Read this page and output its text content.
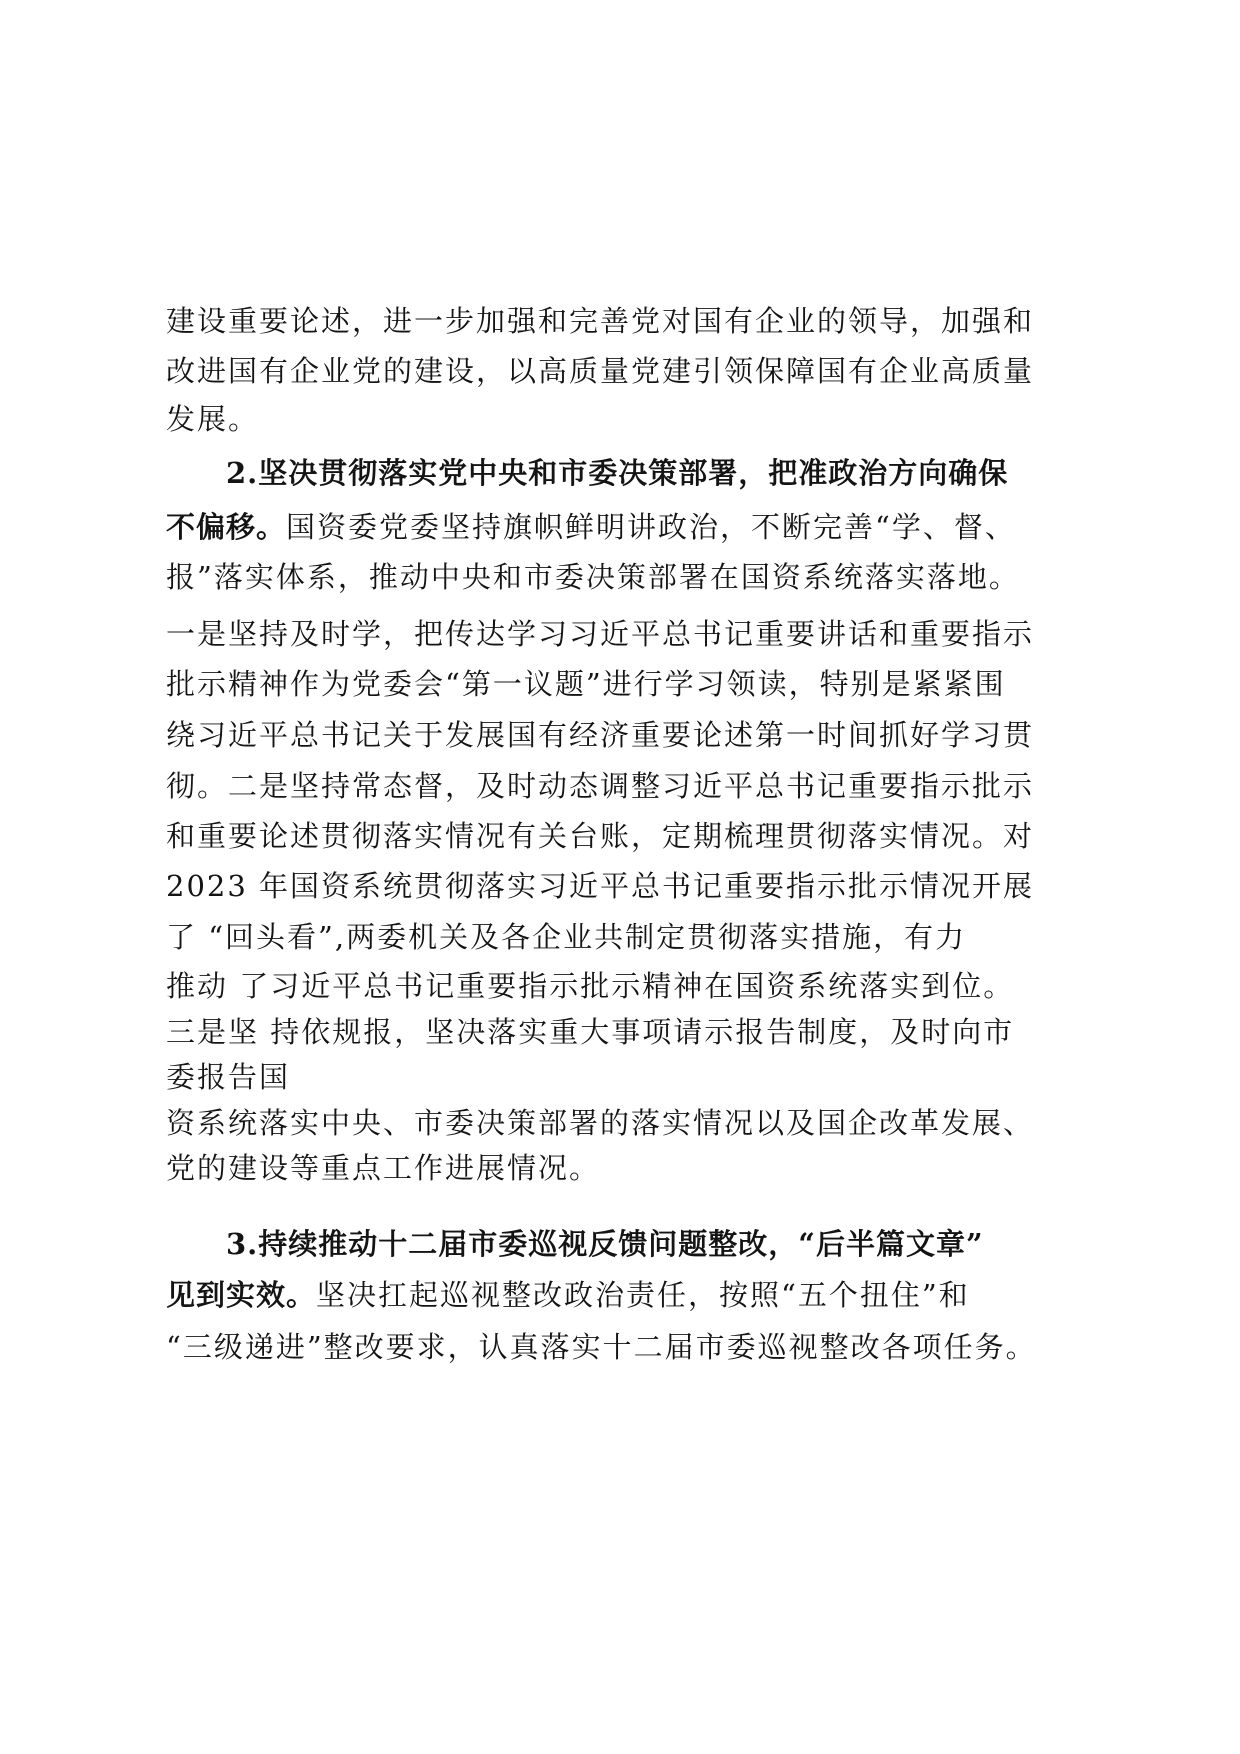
建设重要论述，进一步加强和完善党对国有企业的领导，加强和
改进国有企业党的建设，以高质量党建引领保障国有企业高质量
发展。
2.坚决贯彻落实党中央和市委决策部署，把准政治方向确保
不偏移。国资委党委坚持旗帜鲜明讲政治，不断完善“学、督、
报”落实体系，推动中央和市委决策部署在国资系统落实落地。
一是坚持及时学，把传达学习习近平总书记重要讲话和重要指示
批示精神作为党委会“第一议题”进行学习领读，特别是紧紧围
绕习近平总书记关于发展国有经济重要论述第一时间抓好学习贯
彻。二是坚持常态督，及时动态调整习近平总书记重要指示批示
和重要论述贯彻落实情况有关台账，定期梳理贯彻落实情况。对
2023 年国资系统贯彻落实习近平总书记重要指示批示情况开展
了 “回头看”,两委机关及各企业共制定贯彻落实措施，有力
推动 了习近平总书记重要指示批示精神在国资系统落实到位。
三是坚 持依规报，坚决落实重大事项请示报告制度，及时向市
委报告国
资系统落实中央、市委决策部署的落实情况以及国企改革发展、
党的建设等重点工作进展情况。
3.持续推动十二届市委巡视反馈问题整改，“后半篇文章”
见到实效。坚决扛起巡视整改政治责任，按照“五个扭住”和
“三级递进”整改要求，认真落实十二届市委巡视整改各项任务。
